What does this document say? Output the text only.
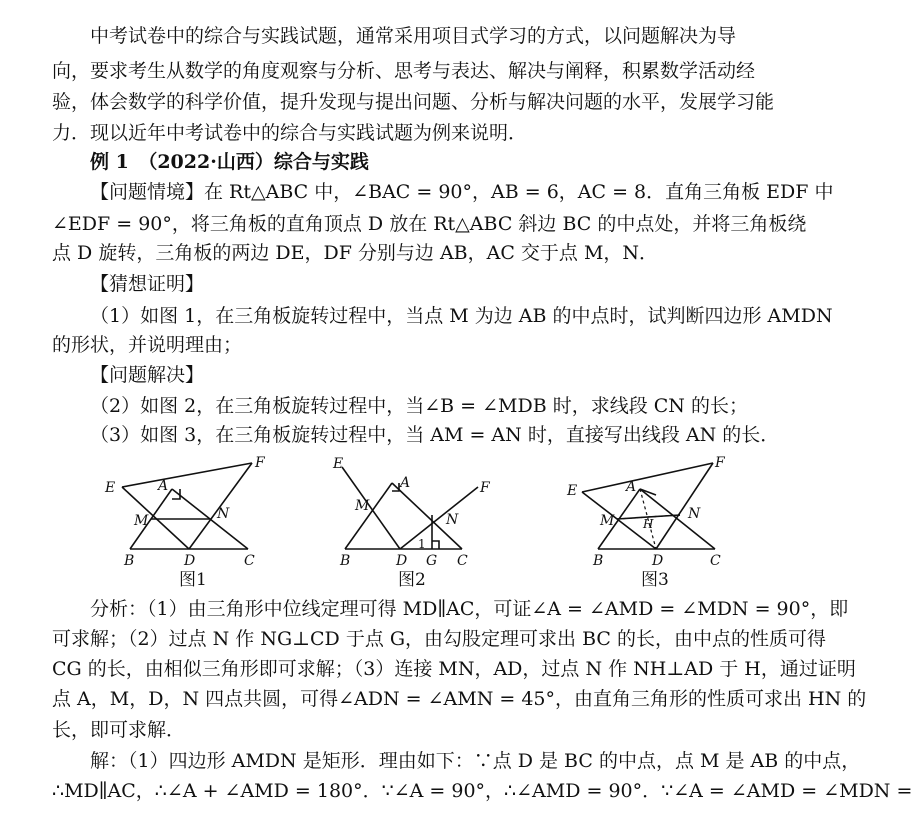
中考试卷中的综合与实践试题，通常采用项目式学习的方式，以问题解决为导
向，要求考生从数学的角度观察与分析、思考与表达、解决与阐释，积累数学活动经
验，体会数学的科学价值，提升发现与提出问题、分析与解决问题的水平，发展学习能
力．现以近年中考试卷中的综合与实践试题为例来说明．
例 1　（2022·山西）综合与实践
【问题情境】在 Rt△ABC 中，∠BAC = 90°，AB = 6，AC = 8．直角三角板 EDF 中
∠EDF = 90°，将三角板的直角顶点 D 放在 Rt△ABC 斜边 BC 的中点处，并将三角板绕
点 D 旋转，三角板的两边 DE，DF 分别与边 AB，AC 交于点 M，N．
【猜想证明】
（1）如图 1，在三角板旋转过程中，当点 M 为边 AB 的中点时，试判断四边形 AMDN
的形状，并说明理由；
【问题解决】
（2）如图 2，在三角板旋转过程中，当∠B = ∠MDB 时，求线段 CN 的长；
（3）如图 3，在三角板旋转过程中，当 AM = AN 时，直接写出线段 AN 的长．
E
F
A
M	N
B	D	C
E
F
A
M
N
B	D G C
1
E
F
A
M	N
H
B	D	C
图1	图2	图3
分析：（1）由三角形中位线定理可得 MD∥AC，可证∠A = ∠AMD = ∠MDN = 90°，即
可求解；（2）过点 N 作 NG⊥CD 于点 G，由勾股定理可求出 BC 的长，由中点的性质可得
CG 的长，由相似三角形即可求解；（3）连接 MN，AD，过点 N 作 NH⊥AD 于 H，通过证明
点 A，M，D，N 四点共圆，可得∠ADN = ∠AMN = 45°，由直角三角形的性质可求出 HN 的
长，即可求解．
解：（1）四边形 AMDN 是矩形．理由如下：∵点 D 是 BC 的中点，点 M 是 AB 的中点，
∴MD∥AC，∴∠A + ∠AMD = 180°．∵∠A = 90°，∴∠AMD = 90°．∵∠A = ∠AMD = ∠MDN =
